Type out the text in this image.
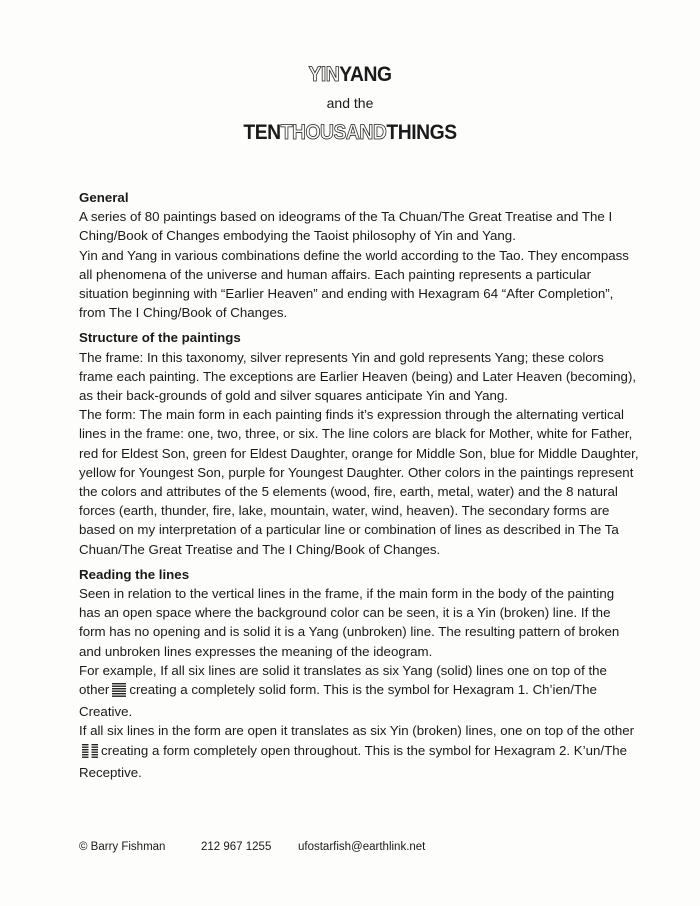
YINYANG
and the
TENTHOUSANDTHINGS
General

A series of 80 paintings based on ideograms of the Ta Chuan/The Great Treatise and The I Ching/Book of Changes embodying the Taoist philosophy of Yin and Yang.

Yin and Yang in various combinations define the world according to the Tao. They encompass all phenomena of the universe and human affairs. Each painting represents a particular situation beginning with “Earlier Heaven” and ending with Hexagram 64 “After Completion”, from The I Ching/Book of Changes.

Structure of the paintings

The frame: In this taxonomy, silver represents Yin and gold represents Yang; these colors frame each painting. The exceptions are Earlier Heaven (being) and Later Heaven (becoming), as their back-grounds of gold and silver squares anticipate Yin and Yang.

The form: The main form in each painting finds it’s expression through the alternating vertical lines in the frame: one, two, three, or six. The line colors are black for Mother, white for Father, red for Eldest Son, green for Eldest Daughter, orange for Middle Son, blue for Middle Daughter, yellow for Youngest Son, purple for Youngest Daughter. Other colors in the paintings represent the colors and attributes of the 5 elements (wood, fire, earth, metal, water) and the 8 natural forces (earth, thunder, fire, lake, mountain, water, wind, heaven). The secondary forms are based on my interpretation of a particular line or combination of lines as described in The Ta Chuan/The Great Treatise and The I Ching/Book of Changes.

Reading the lines

Seen in relation to the vertical lines in the frame, if the main form in the body of the painting has an open space where the background color can be seen, it is a Yin (broken) line. If the form has no opening and is solid it is a Yang (unbroken) line. The resulting pattern of broken and unbroken lines expresses the meaning of the ideogram.

For example, If all six lines are solid it translates as six Yang (solid) lines one on top of the other creating a completely solid form. This is the symbol for Hexagram 1. Ch’ien/The Creative.

If all six lines in the form are open it translates as six Yin (broken) lines, one on top of the othercreating a form completely open throughout. This is the symbol for Hexagram 2. K’un/The Receptive.

© Barry Fishman	212 967 1255 ufostarfish@earthlink.net
